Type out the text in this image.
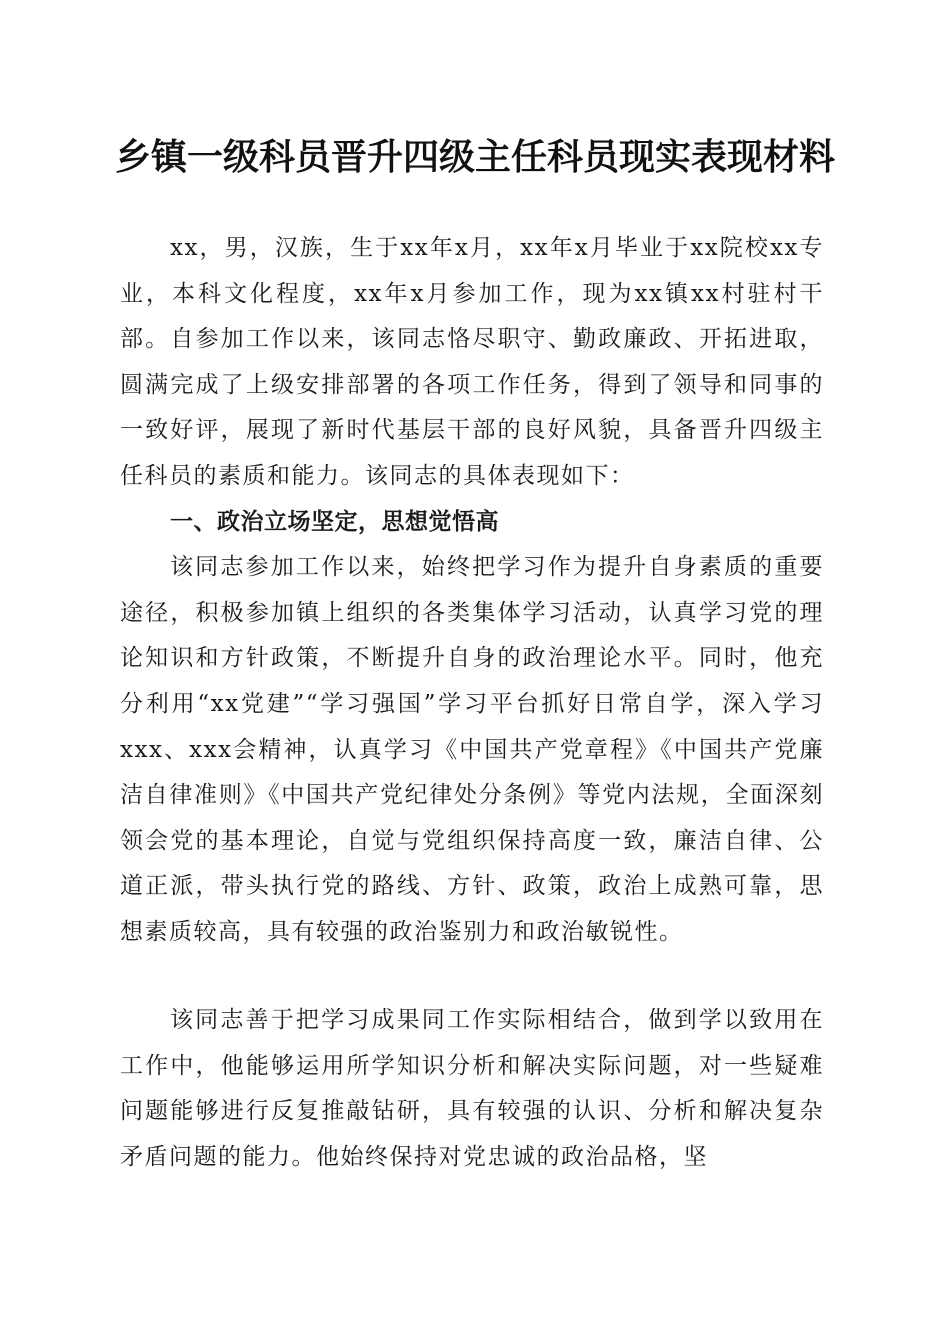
乡镇一级科员晋升四级主任科员现实表现材料

xx，男，汉族，生于xx年x月，xx年x月毕业于xx院校xx专业，本科文化程度，xx年x月参加工作，现为xx镇xx村驻村干部。自参加工作以来，该同志恪尽职守、勤政廉政、开拓进取，圆满完成了上级安排部署的各项工作任务，得到了领导和同事的一致好评，展现了新时代基层干部的良好风貌，具备晋升四级主任科员的素质和能力。该同志的具体表现如下：

一、政治立场坚定，思想觉悟高

该同志参加工作以来，始终把学习作为提升自身素质的重要途径，积极参加镇上组织的各类集体学习活动，认真学习党的理论知识和方针政策，不断提升自身的政治理论水平。同时，他充分利用“xx党建”“学习强国”学习平台抓好日常自学，深入学习xxx、xxx会精神，认真学习《中国共产党章程》《中国共产党廉洁自律准则》《中国共产党纪律处分条例》等党内法规，全面深刻领会党的基本理论，自觉与党组织保持高度一致，廉洁自律、公道正派，带头执行党的路线、方针、政策，政治上成熟可靠，思想素质较高，具有较强的政治鉴别力和政治敏锐性。

该同志善于把学习成果同工作实际相结合，做到学以致用在工作中，他能够运用所学知识分析和解决实际问题，对一些疑难问题能够进行反复推敲钻研，具有较强的认识、分析和解决复杂矛盾问题的能力。他始终保持对党忠诚的政治品格，坚
